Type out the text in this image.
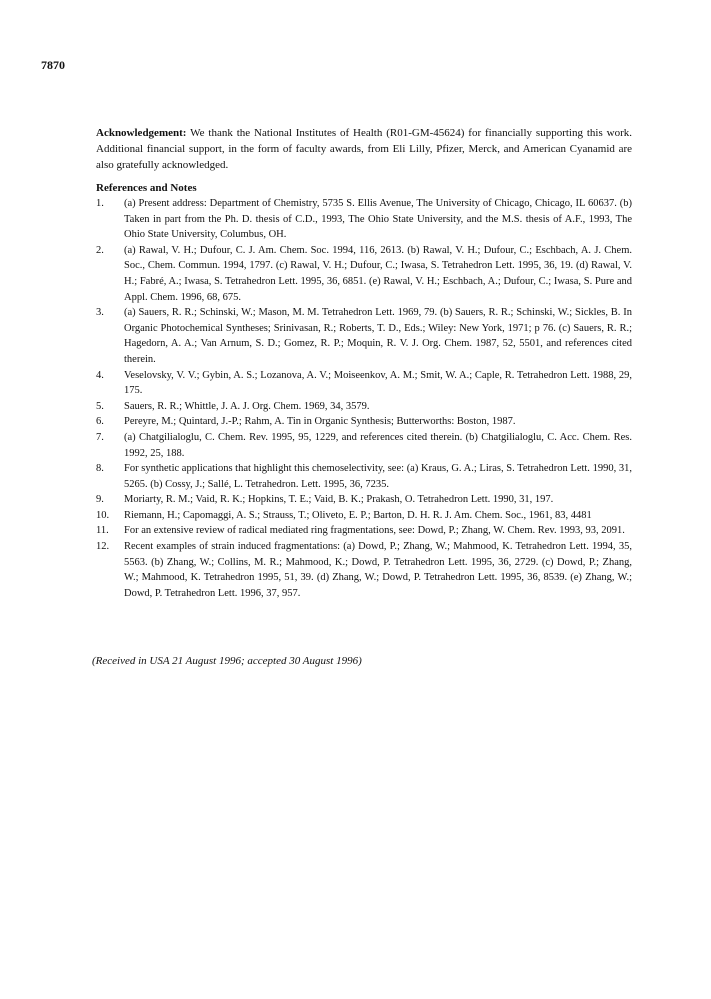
7870
Acknowledgement: We thank the National Institutes of Health (R01-GM-45624) for financially supporting this work. Additional financial support, in the form of faculty awards, from Eli Lilly, Pfizer, Merck, and American Cyanamid are also gratefully acknowledged.
References and Notes
1.	(a) Present address: Department of Chemistry, 5735 S. Ellis Avenue, The University of Chicago, Chicago, IL 60637. (b) Taken in part from the Ph. D. thesis of C.D., 1993, The Ohio State University, and the M.S. thesis of A.F., 1993, The Ohio State University, Columbus, OH.
2.	(a) Rawal, V. H.; Dufour, C. J. Am. Chem. Soc. 1994, 116, 2613. (b) Rawal, V. H.; Dufour, C.; Eschbach, A. J. Chem. Soc., Chem. Commun. 1994, 1797. (c) Rawal, V. H.; Dufour, C.; Iwasa, S. Tetrahedron Lett. 1995, 36, 19. (d) Rawal, V. H.; Fabré, A.; Iwasa, S. Tetrahedron Lett. 1995, 36, 6851. (e) Rawal, V. H.; Eschbach, A.; Dufour, C.; Iwasa, S. Pure and Appl. Chem. 1996, 68, 675.
3.	(a) Sauers, R. R.; Schinski, W.; Mason, M. M. Tetrahedron Lett. 1969, 79. (b) Sauers, R. R.; Schinski, W.; Sickles, B. In Organic Photochemical Syntheses; Srinivasan, R.; Roberts, T. D., Eds.; Wiley: New York, 1971; p 76. (c) Sauers, R. R.; Hagedorn, A. A.; Van Arnum, S. D.; Gomez, R. P.; Moquin, R. V. J. Org. Chem. 1987, 52, 5501, and references cited therein.
4.	Veselovsky, V. V.; Gybin, A. S.; Lozanova, A. V.; Moiseenkov, A. M.; Smit, W. A.; Caple, R. Tetrahedron Lett. 1988, 29, 175.
5.	Sauers, R. R.; Whittle, J. A. J. Org. Chem. 1969, 34, 3579.
6.	Pereyre, M.; Quintard, J.-P.; Rahm, A. Tin in Organic Synthesis; Butterworths: Boston, 1987.
7.	(a) Chatgilialoglu, C. Chem. Rev. 1995, 95, 1229, and references cited therein. (b) Chatgilialoglu, C. Acc. Chem. Res. 1992, 25, 188.
8.	For synthetic applications that highlight this chemoselectivity, see: (a) Kraus, G. A.; Liras, S. Tetrahedron Lett. 1990, 31, 5265. (b) Cossy, J.; Sallé, L. Tetrahedron. Lett. 1995, 36, 7235.
9.	Moriarty, R. M.; Vaid, R. K.; Hopkins, T. E.; Vaid, B. K.; Prakash, O. Tetrahedron Lett. 1990, 31, 197.
10.	Riemann, H.; Capomaggi, A. S.; Strauss, T.; Oliveto, E. P.; Barton, D. H. R. J. Am. Chem. Soc., 1961, 83, 4481
11.	For an extensive review of radical mediated ring fragmentations, see: Dowd, P.; Zhang, W. Chem. Rev. 1993, 93, 2091.
12.	Recent examples of strain induced fragmentations: (a) Dowd, P.; Zhang, W.; Mahmood, K. Tetrahedron Lett. 1994, 35, 5563. (b) Zhang, W.; Collins, M. R.; Mahmood, K.; Dowd, P. Tetrahedron Lett. 1995, 36, 2729. (c) Dowd, P.; Zhang, W.; Mahmood, K. Tetrahedron 1995, 51, 39. (d) Zhang, W.; Dowd, P. Tetrahedron Lett. 1995, 36, 8539. (e) Zhang, W.; Dowd, P. Tetrahedron Lett. 1996, 37, 957.
(Received in USA 21 August 1996; accepted 30 August 1996)
